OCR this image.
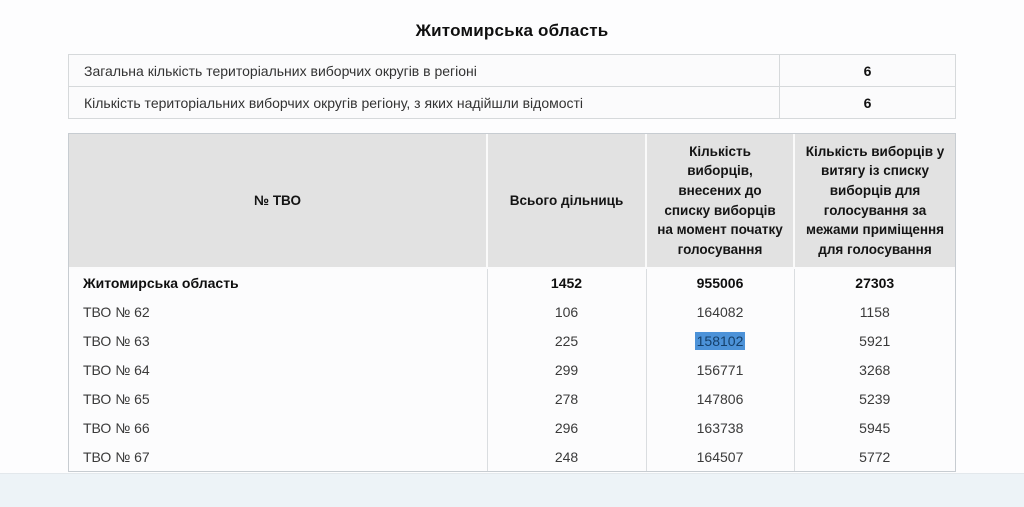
Житомирська область
Загальна кількість територіальних виборчих округів в регіоні	6
Кількість територіальних виборчих округів регіону, з яких надійшли відомості	6
№ ТВО	Всього дільниць	Кількість виборців, внесених до списку виборців на момент початку голосування	Кількість виборців у витягу із списку виборців для голосування за межами приміщення для голосування
Житомирська область	1452	955006	27303
ТВО № 62	106	164082	1158
ТВО № 63	225	158102	5921
ТВО № 64	299	156771	3268
ТВО № 65	278	147806	5239
ТВО № 66	296	163738	5945
ТВО № 67	248	164507	5772
